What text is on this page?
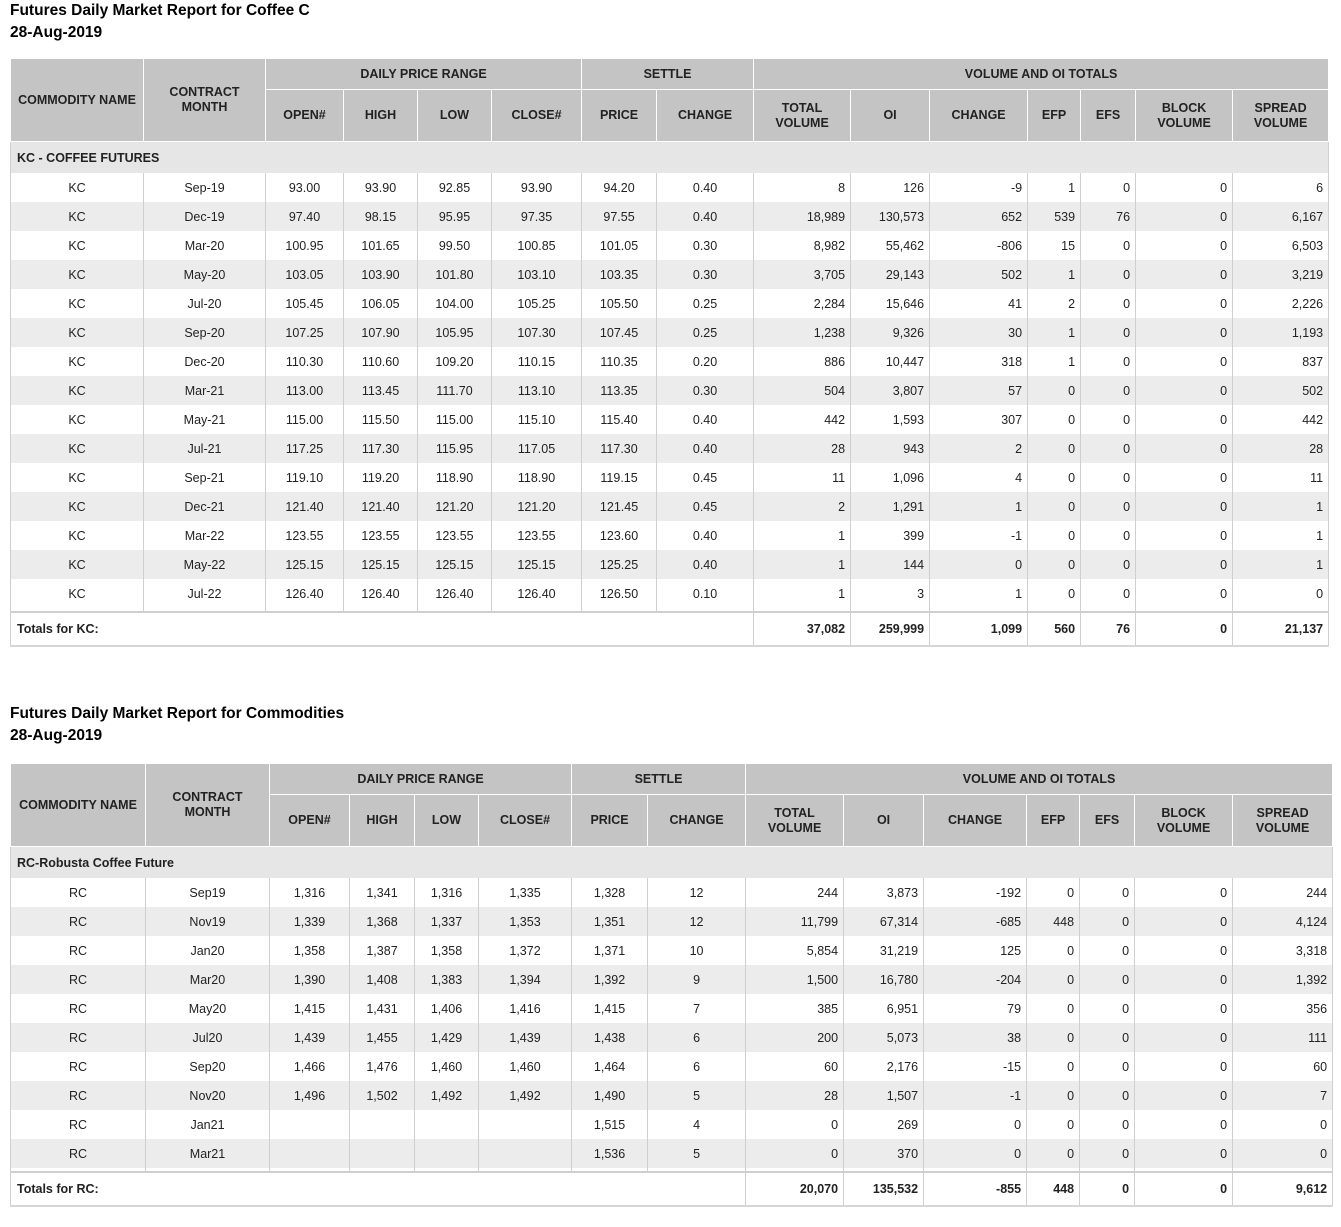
Futures Daily Market Report for Coffee C
28-Aug-2019
COMMODITY NAME	CONTRACT MONTH	DAILY PRICE RANGE				SETTLE		VOLUME AND OI TOTALS						
		OPEN#	HIGH	LOW	CLOSE#	PRICE	CHANGE	TOTAL VOLUME	OI	CHANGE	EFP	EFS	BLOCK VOLUME	SPREAD VOLUME
KC - COFFEE FUTURES														
KC	Sep-19	93.00	93.90	92.85	93.90	94.20	0.40	8	126	-9	1	0	0	6
KC	Dec-19	97.40	98.15	95.95	97.35	97.55	0.40	18,989	130,573	652	539	76	0	6,167
KC	Mar-20	100.95	101.65	99.50	100.85	101.05	0.30	8,982	55,462	-806	15	0	0	6,503
KC	May-20	103.05	103.90	101.80	103.10	103.35	0.30	3,705	29,143	502	1	0	0	3,219
KC	Jul-20	105.45	106.05	104.00	105.25	105.50	0.25	2,284	15,646	41	2	0	0	2,226
KC	Sep-20	107.25	107.90	105.95	107.30	107.45	0.25	1,238	9,326	30	1	0	0	1,193
KC	Dec-20	110.30	110.60	109.20	110.15	110.35	0.20	886	10,447	318	1	0	0	837
KC	Mar-21	113.00	113.45	111.70	113.10	113.35	0.30	504	3,807	57	0	0	0	502
KC	May-21	115.00	115.50	115.00	115.10	115.40	0.40	442	1,593	307	0	0	0	442
KC	Jul-21	117.25	117.30	115.95	117.05	117.30	0.40	28	943	2	0	0	0	28
KC	Sep-21	119.10	119.20	118.90	118.90	119.15	0.45	11	1,096	4	0	0	0	11
KC	Dec-21	121.40	121.40	121.20	121.20	121.45	0.45	2	1,291	1	0	0	0	1
KC	Mar-22	123.55	123.55	123.55	123.55	123.60	0.40	1	399	-1	0	0	0	1
KC	May-22	125.15	125.15	125.15	125.15	125.25	0.40	1	144	0	0	0	0	1
KC	Jul-22	126.40	126.40	126.40	126.40	126.50	0.10	1	3	1	0	0	0	0

Totals for KC:								37,082	259,999	1,099	560	76	0	21,137
Futures Daily Market Report for Commodities
28-Aug-2019
COMMODITY NAME	CONTRACT MONTH	DAILY PRICE RANGE				SETTLE		VOLUME AND OI TOTALS						
		OPEN#	HIGH	LOW	CLOSE#	PRICE	CHANGE	TOTAL VOLUME	OI	CHANGE	EFP	EFS	BLOCK VOLUME	SPREAD VOLUME
RC-Robusta Coffee Future														
RC	Sep19	1,316	1,341	1,316	1,335	1,328	12	244	3,873	-192	0	0	0	244
RC	Nov19	1,339	1,368	1,337	1,353	1,351	12	11,799	67,314	-685	448	0	0	4,124
RC	Jan20	1,358	1,387	1,358	1,372	1,371	10	5,854	31,219	125	0	0	0	3,318
RC	Mar20	1,390	1,408	1,383	1,394	1,392	9	1,500	16,780	-204	0	0	0	1,392
RC	May20	1,415	1,431	1,406	1,416	1,415	7	385	6,951	79	0	0	0	356
RC	Jul20	1,439	1,455	1,429	1,439	1,438	6	200	5,073	38	0	0	0	111
RC	Sep20	1,466	1,476	1,460	1,460	1,464	6	60	2,176	-15	0	0	0	60
RC	Nov20	1,496	1,502	1,492	1,492	1,490	5	28	1,507	-1	0	0	0	7
RC	Jan21					1,515	4	0	269	0	0	0	0	0
RC	Mar21					1,536	5	0	370	0	0	0	0	0

Totals for RC:								20,070	135,532	-855	448	0	0	9,612
